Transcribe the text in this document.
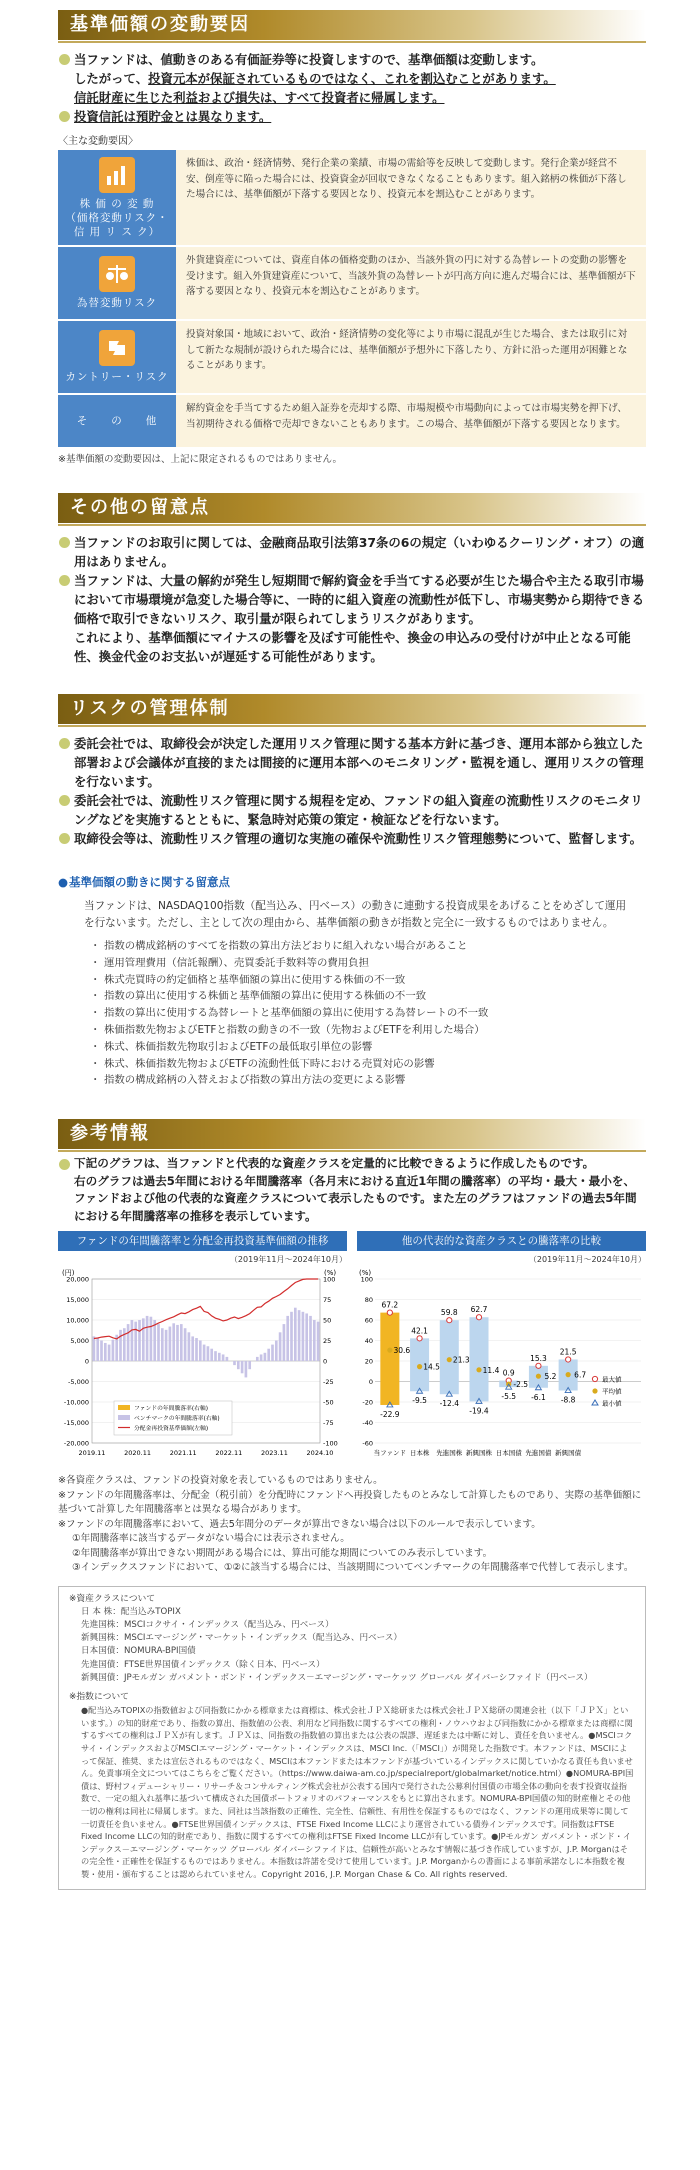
基準価額の変動要因
当ファンドは、値動きのある有価証券等に投資しますので、基準価額は変動します。
したがって、投資元本が保証されているものではなく、これを割込むことがあります。
信託財産に生じた利益および損失は、すべて投資者に帰属します。
投資信託は預貯金とは異なります。
〈主な変動要因〉
株 価 の 変 動
（価格変動リスク・
信 用 リ ス ク）
株価は、政治・経済情勢、発行企業の業績、市場の需給等を反映して変動します。発行企業が経営不安、倒産等に陥った場合には、投資資金が回収できなくなることもあります。組入銘柄の株価が下落した場合には、基準価額が下落する要因となり、投資元本を割込むことがあります。
為替変動リスク
外貨建資産については、資産自体の価格変動のほか、当該外貨の円に対する為替レートの変動の影響を受けます。組入外貨建資産について、当該外貨の為替レートが円高方向に進んだ場合には、基準価額が下落する要因となり、投資元本を割込むことがあります。
カントリー・リスク
投資対象国・地域において、政治・経済情勢の変化等により市場に混乱が生じた場合、または取引に対して新たな規制が設けられた場合には、基準価額が予想外に下落したり、方針に沿った運用が困難となることがあります。
そ　　の　　他
解約資金を手当てするため組入証券を売却する際、市場規模や市場動向によっては市場実勢を押下げ、当初期待される価格で売却できないこともあります。この場合、基準価額が下落する要因となります。
※基準価額の変動要因は、上記に限定されるものではありません。
その他の留意点
当ファンドのお取引に関しては、金融商品取引法第37条の6の規定（いわゆるクーリング・オフ）の適用はありません。
当ファンドは、大量の解約が発生し短期間で解約資金を手当てする必要が生じた場合や主たる取引市場において市場環境が急変した場合等に、一時的に組入資産の流動性が低下し、市場実勢から期待できる価格で取引できないリスク、取引量が限られてしまうリスクがあります。
これにより、基準価額にマイナスの影響を及ぼす可能性や、換金の申込みの受付けが中止となる可能性、換金代金のお支払いが遅延する可能性があります。
リスクの管理体制
委託会社では、取締役会が決定した運用リスク管理に関する基本方針に基づき、運用本部から独立した部署および会議体が直接的または間接的に運用本部へのモニタリング・監視を通し、運用リスクの管理を行ないます。
委託会社では、流動性リスク管理に関する規程を定め、ファンドの組入資産の流動性リスクのモニタリングなどを実施するとともに、緊急時対応策の策定・検証などを行ないます。
取締役会等は、流動性リスク管理の適切な実施の確保や流動性リスク管理態勢について、監督します。
● 基準価額の動きに関する留意点
当ファンドは、NASDAQ100指数（配当込み、円ベース）の動きに連動する投資成果をあげることをめざして運用を行ないます。ただし、主として次の理由から、基準価額の動きが指数と完全に一致するものではありません。
・ 指数の構成銘柄のすべてを指数の算出方法どおりに組入れない場合があること
・ 運用管理費用（信託報酬）、売買委託手数料等の費用負担
・ 株式売買時の約定価格と基準価額の算出に使用する株価の不一致
・ 指数の算出に使用する株価と基準価額の算出に使用する株価の不一致
・ 指数の算出に使用する為替レートと基準価額の算出に使用する為替レートの不一致
・ 株価指数先物およびETFと指数の動きの不一致（先物およびETFを利用した場合）
・ 株式、株価指数先物取引およびETFの最低取引単位の影響
・ 株式、株価指数先物およびETFの流動性低下時における売買対応の影響
・ 指数の構成銘柄の入替えおよび指数の算出方法の変更による影響
参考情報
下記のグラフは、当ファンドと代表的な資産クラスを定量的に比較できるように作成したものです。
右のグラフは過去5年間における年間騰落率（各月末における直近1年間の騰落率）の平均・最大・最小を、ファンドおよび他の代表的な資産クラスについて表示したものです。また左のグラフはファンドの過去5年間における年間騰落率の推移を表示しています。
ファンドの年間騰落率と分配金再投資基準価額の推移
（2019年11月～2024年10月）
(円)	(%)
20,000	100
15,000	75
10,000	50
5,000	25
0	0
-5,000	-25
-10,000	-50
-15,000	-75
-20,000	-100
2019.11	2020.11	2021.11	2022.11	2023.11	2024.10
ファンドの年間騰落率(右軸)
ベンチマークの年間騰落率(右軸)
分配金再投資基準価額(左軸)
他の代表的な資産クラスとの騰落率の比較
（2019年11月～2024年10月）
(%)
100
80
60
40
20
0
-20
-40
-60
67.2
30.6
-22.9
当ファンド
42.1
14.5
-9.5
日本株
59.8
21.3
-12.4
先進国株
62.7
11.4
-19.4
新興国株
0.9
-2.5
-5.5
日本国債
15.3
5.2
-6.1
先進国債
21.5
6.7
-8.8
新興国債
最大値
平均値
最小値
※各資産クラスは、ファンドの投資対象を表しているものではありません。
※ファンドの年間騰落率は、分配金（税引前）を分配時にファンドへ再投資したものとみなして計算したものであり、実際の基準価額に基づいて計算した年間騰落率とは異なる場合があります。
※ファンドの年間騰落率において、過去5年間分のデータが算出できない場合は以下のルールで表示しています。
①年間騰落率に該当するデータがない場合には表示されません。
②年間騰落率が算出できない期間がある場合には、算出可能な期間についてのみ表示しています。
③インデックスファンドにおいて、①②に該当する場合には、当該期間についてベンチマークの年間騰落率で代替して表示します。
※資産クラスについて
日 本 株：配当込みTOPIX
先進国株：MSCIコクサイ・インデックス（配当込み、円ベース）
新興国株：MSCIエマージング・マーケット・インデックス（配当込み、円ベース）
日本国債：NOMURA-BPI国債
先進国債：FTSE世界国債インデックス（除く日本、円ベース）
新興国債：JPモルガン ガバメント・ボンド・インデックス－エマージング・マーケッツ グローバル ダイバーシファイド（円ベース）
※指数について
●配当込みTOPIXの指数値および同指数にかかる標章または商標は、株式会社ＪＰＸ総研または株式会社ＪＰＸ総研の関連会社（以下「ＪＰＸ」といいます。）の知的財産であり、指数の算出、指数値の公表、利用など同指数に関するすべての権利・ノウハウおよび同指数にかかる標章または商標に関するすべての権利はＪＰＸが有します。ＪＰＸは、同指数の指数値の算出または公表の誤謬、遅延または中断に対し、責任を負いません。●MSCIコクサイ・インデックスおよびMSCIエマージング・マーケット・インデックスは、MSCI Inc.（「MSCI」）が開発した指数です。本ファンドは、MSCIによって保証、推奨、または宣伝されるものではなく、MSCIは本ファンドまたは本ファンドが基づいているインデックスに関していかなる責任も負いません。免責事項全文についてはこちらをご覧ください。（https://www.daiwa-am.co.jp/specialreport/globalmarket/notice.html）●NOMURA-BPI国債は、野村フィデューシャリー・リサーチ＆コンサルティング株式会社が公表する国内で発行された公募利付国債の市場全体の動向を表す投資収益指数で、一定の組入れ基準に基づいて構成された国債ポートフォリオのパフォーマンスをもとに算出されます。NOMURA-BPI国債の知的財産権とその他一切の権利は同社に帰属します。また、同社は当該指数の正確性、完全性、信頼性、有用性を保証するものではなく、ファンドの運用成果等に関して一切責任を負いません。●FTSE世界国債インデックスは、FTSE Fixed Income LLCにより運営されている債券インデックスです。同指数はFTSE Fixed Income LLCの知的財産であり、指数に関するすべての権利はFTSE Fixed Income LLCが有しています。●JPモルガン ガバメント・ボンド・インデックス－エマージング・マーケッツ グローバル ダイバーシファイドは、信頼性が高いとみなす情報に基づき作成していますが、J.P. Morganはその完全性・正確性を保証するものではありません。本指数は許諾を受けて使用しています。J.P. Morganからの書面による事前承諾なしに本指数を複製・使用・頒布することは認められていません。Copyright 2016, J.P. Morgan Chase & Co. All rights reserved.
